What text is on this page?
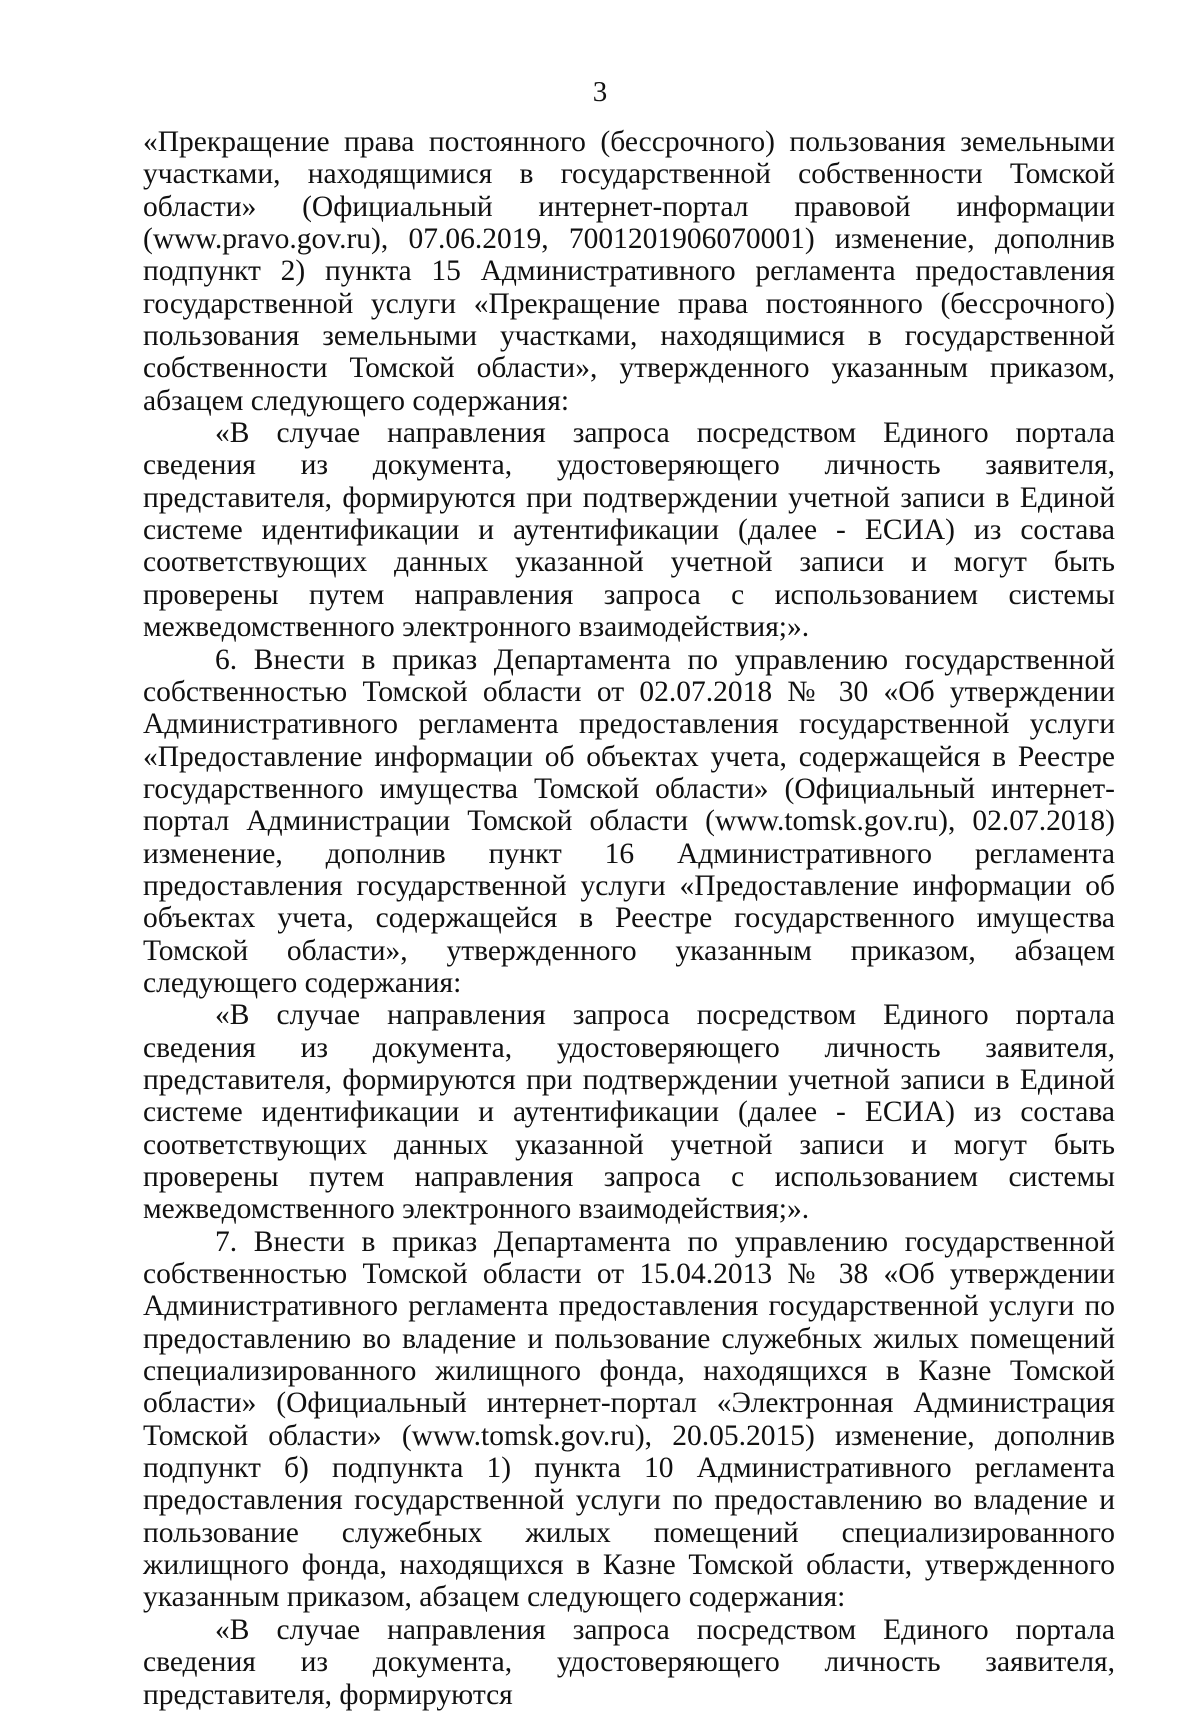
3

«Прекращение права постоянного (бессрочного) пользования земельными участками, находящимися в государственной собственности Томской области» (Официальный интернет-портал правовой информации (www.pravo.gov.ru), 07.06.2019, 7001201906070001) изменение, дополнив подпункт 2) пункта 15 Административного регламента предоставления государственной услуги «Прекращение права постоянного (бессрочного) пользования земельными участками, находящимися в государственной собственности Томской области», утвержденного указанным приказом, абзацем следующего содержания:

«В случае направления запроса посредством Единого портала сведения из документа, удостоверяющего личность заявителя, представителя, формируются при подтверждении учетной записи в Единой системе идентификации и аутентификации (далее - ЕСИА) из состава соответствующих данных указанной учетной записи и могут быть проверены путем направления запроса с использованием системы межведомственного электронного взаимодействия;».

6. Внести в приказ Департамента по управлению государственной собственностью Томской области от 02.07.2018 № 30 «Об утверждении Административного регламента предоставления государственной услуги «Предоставление информации об объектах учета, содержащейся в Реестре государственного имущества Томской области» (Официальный интернет-портал Администрации Томской области (www.tomsk.gov.ru), 02.07.2018) изменение, дополнив пункт 16 Административного регламента предоставления государственной услуги «Предоставление информации об объектах учета, содержащейся в Реестре государственного имущества Томской области», утвержденного указанным приказом, абзацем следующего содержания:

«В случае направления запроса посредством Единого портала сведения из документа, удостоверяющего личность заявителя, представителя, формируются при подтверждении учетной записи в Единой системе идентификации и аутентификации (далее - ЕСИА) из состава соответствующих данных указанной учетной записи и могут быть проверены путем направления запроса с использованием системы межведомственного электронного взаимодействия;».

7. Внести в приказ Департамента по управлению государственной собственностью Томской области от 15.04.2013 № 38 «Об утверждении Административного регламента предоставления государственной услуги по предоставлению во владение и пользование служебных жилых помещений специализированного жилищного фонда, находящихся в Казне Томской области» (Официальный интернет-портал «Электронная Администрация Томской области» (www.tomsk.gov.ru), 20.05.2015) изменение, дополнив подпункт б) подпункта 1) пункта 10 Административного регламента предоставления государственной услуги по предоставлению во владение и пользование служебных жилых помещений специализированного жилищного фонда, находящихся в Казне Томской области, утвержденного указанным приказом, абзацем следующего содержания:

«В случае направления запроса посредством Единого портала сведения из документа, удостоверяющего личность заявителя, представителя, формируются
